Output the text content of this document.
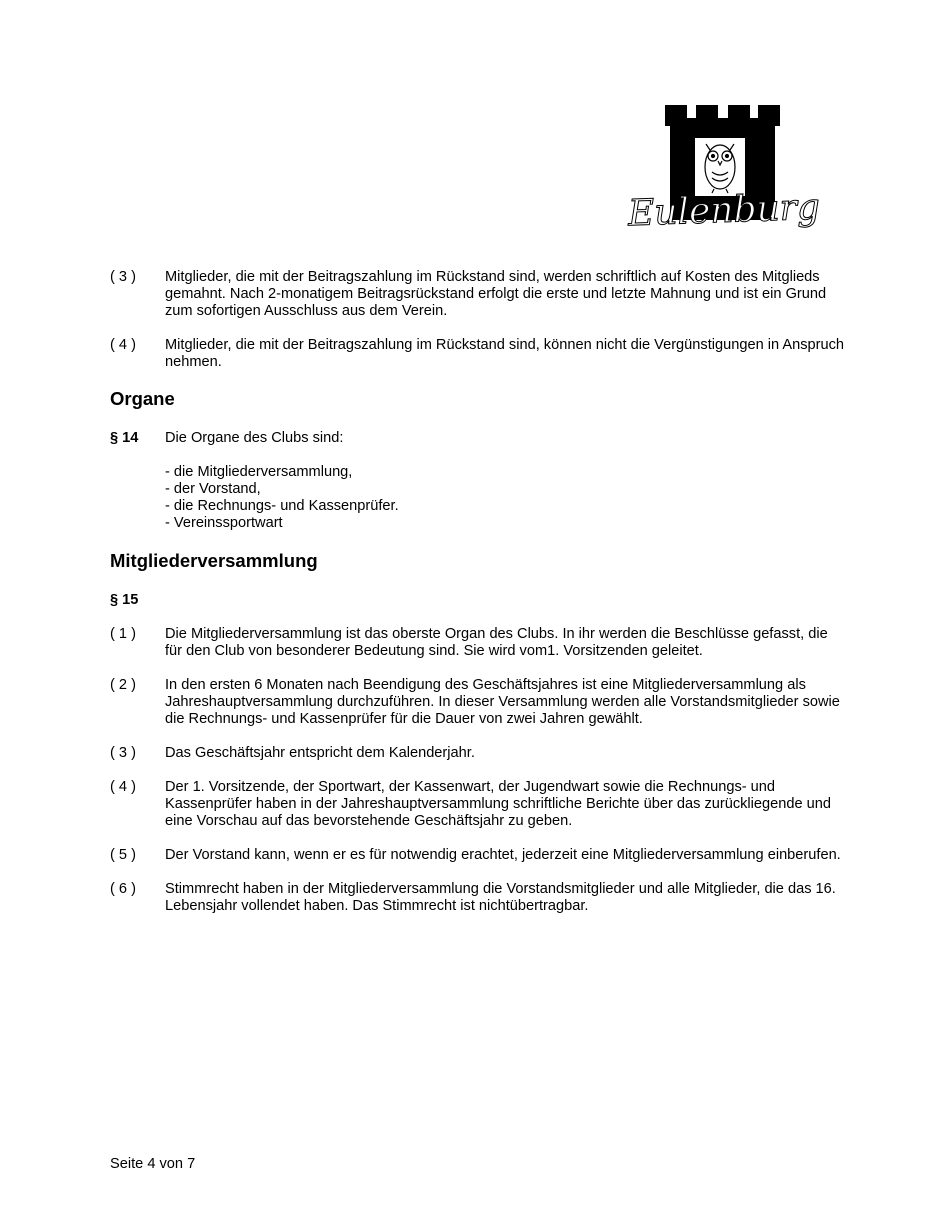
Eulenburg
( 3 )	Mitglieder, die mit der Beitragszahlung im Rückstand sind, werden schriftlich auf Kosten des Mitglieds gemahnt. Nach 2-monatigem Beitragsrückstand erfolgt die erste und letzte Mahnung und ist ein Grund zum sofortigen Ausschluss aus dem Verein.
( 4 )	Mitglieder, die mit der Beitragszahlung im Rückstand sind, können nicht die Vergünstigungen in Anspruch nehmen.
Organe
§ 14	Die Organe des Clubs sind:
- die Mitgliederversammlung,
- der Vorstand,
- die Rechnungs- und Kassenprüfer.
- Vereinssportwart
Mitgliederversammlung
§ 15
( 1 )	Die Mitgliederversammlung ist das oberste Organ des Clubs. In ihr werden die Beschlüsse gefasst, die für den Club von besonderer Bedeutung sind. Sie wird vom1. Vorsitzenden geleitet.
( 2 )	In den ersten 6 Monaten nach Beendigung des Geschäftsjahres ist eine Mitgliederversammlung als Jahreshauptversammlung durchzuführen. In dieser Versammlung werden alle Vorstandsmitglieder sowie die Rechnungs- und Kassenprüfer für die Dauer von zwei Jahren gewählt.
( 3 )	Das Geschäftsjahr entspricht dem Kalenderjahr.
( 4 )	Der 1. Vorsitzende, der Sportwart, der Kassenwart, der Jugendwart sowie die Rechnungs- und Kassenprüfer haben in der Jahreshauptversammlung schriftliche Berichte über das zurückliegende und eine Vorschau auf das bevorstehende Geschäftsjahr zu geben.
( 5 )	Der Vorstand kann, wenn er es für notwendig erachtet, jederzeit eine Mitgliederversammlung einberufen.
( 6 )	Stimmrecht haben in der Mitgliederversammlung die Vorstandsmitglieder und alle Mitglieder, die das 16. Lebensjahr vollendet haben. Das Stimmrecht ist nichtübertragbar.
Seite 4 von 7
